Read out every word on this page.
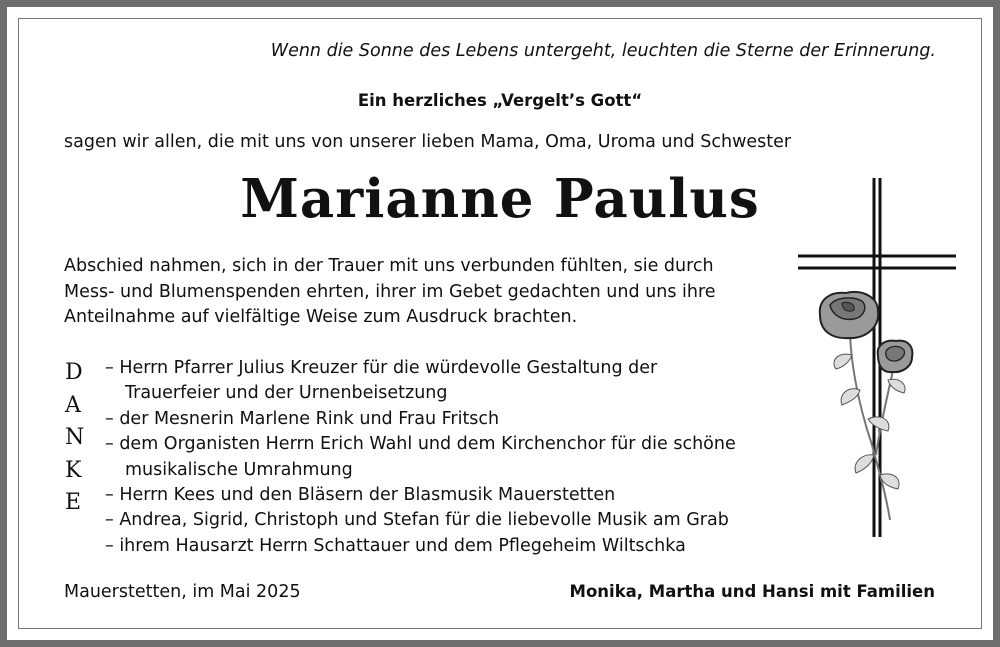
Wenn die Sonne des Lebens untergeht, leuchten die Sterne der Erinnerung.
Ein herzliches „Vergelt’s Gott“
sagen wir allen, die mit uns von unserer lieben Mama, Oma, Uroma und Schwester
Marianne Paulus
Abschied nahmen, sich in der Trauer mit uns verbunden fühlten, sie durch
Mess- und Blumenspenden ehrten, ihrer im Gebet gedachten und uns ihre
Anteilnahme auf vielfältige Weise zum Ausdruck brachten.
D
A
N
K
E
– Herrn Pfarrer Julius Kreuzer für die würdevolle Gestaltung der
Trauerfeier und der Urnenbeisetzung
– der Mesnerin Marlene Rink und Frau Fritsch
– dem Organisten Herrn Erich Wahl und dem Kirchenchor für die schöne
musikalische Umrahmung
– Herrn Kees und den Bläsern der Blasmusik Mauerstetten
– Andrea, Sigrid, Christoph und Stefan für die liebevolle Musik am Grab
– ihrem Hausarzt Herrn Schattauer und dem Pflegeheim Wiltschka
Mauerstetten, im Mai 2025	Monika, Martha und Hansi mit Familien
